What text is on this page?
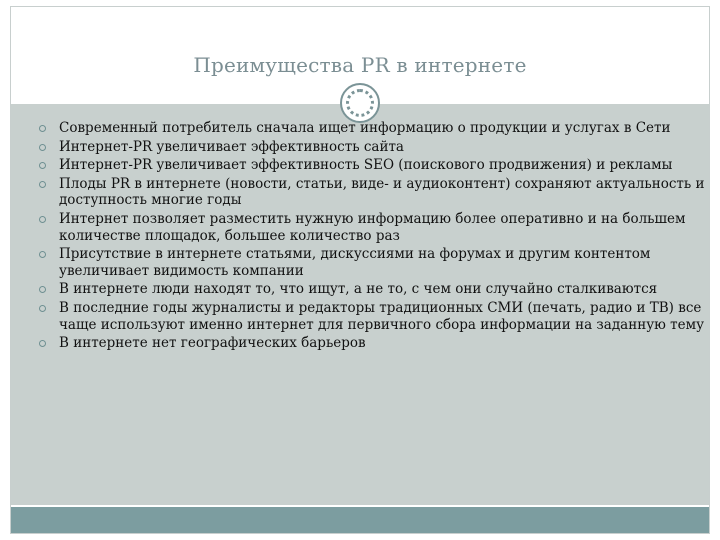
Преимущества PR в интернете
Современный потребитель сначала ищет информацию о продукции и услугах в Сети
Интернет-PR увеличивает эффективность сайта
Интернет-PR увеличивает эффективность SEO (поискового продвижения) и рекламы
Плоды PR в интернете (новости, статьи, виде- и аудиоконтент) сохраняют актуальность и доступность многие годы
Интернет позволяет разместить нужную информацию более оперативно и на большем количестве площадок, большее количество раз
Присутствие в интернете статьями, дискуссиями на форумах и другим контентом увеличивает видимость компании
В интернете люди находят то, что ищут, а не то, с чем они случайно сталкиваются
В последние годы журналисты и редакторы традиционных СМИ (печать, радио и ТВ) все чаще используют именно интернет для первичного сбора информации на заданную тему
В интернете нет географических барьеров
